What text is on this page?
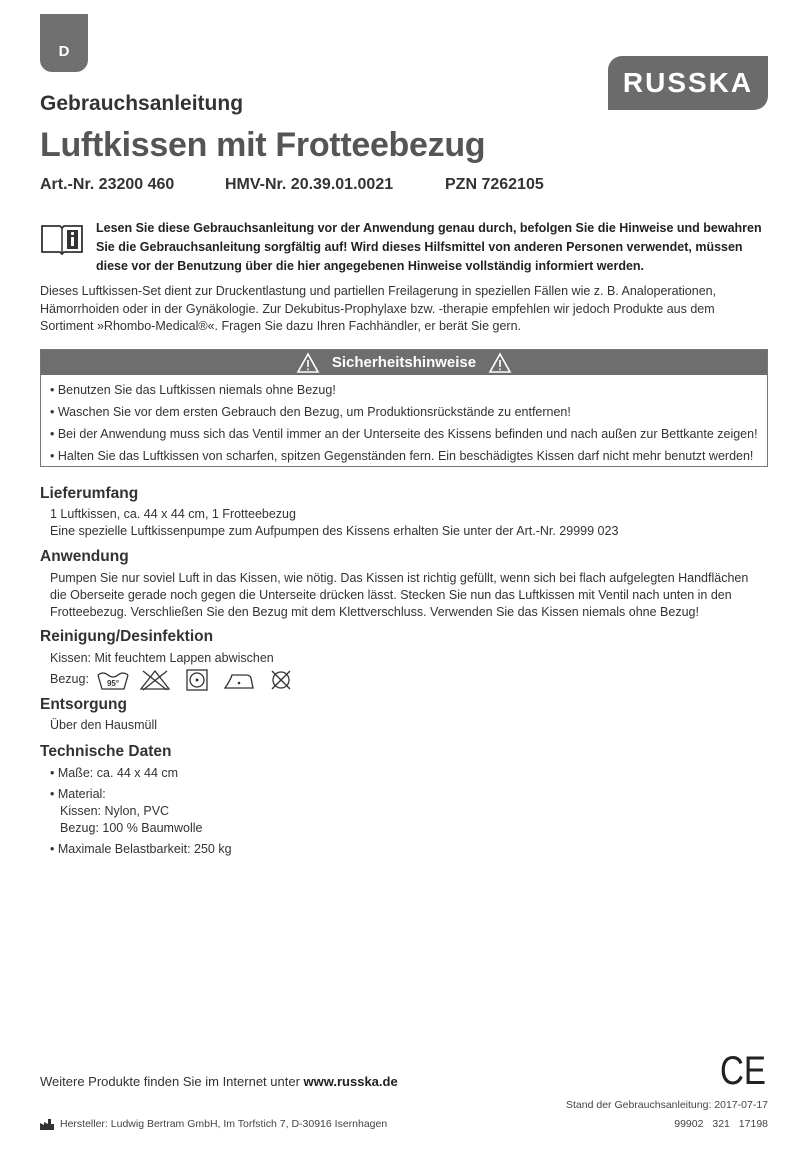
D
RUSSKA
Gebrauchsanleitung
Luftkissen mit Frotteebezug
Art.-Nr. 23200 460	HMV-Nr. 20.39.01.0021	PZN 7262105

Lesen Sie diese Gebrauchsanleitung vor der Anwendung genau durch, befolgen Sie die Hinweise und bewahren Sie die Gebrauchsanleitung sorgfältig auf! Wird dieses Hilfsmittel von anderen Personen verwendet, müssen diese vor der Benutzung über die hier angegebenen Hinweise vollständig informiert werden.

Dieses Luftkissen-Set dient zur Druckentlastung und partiellen Freilagerung in speziellen Fällen wie z. B. Analoperationen, Hämorrhoiden oder in der Gynäkologie. Zur Dekubitus-Prophylaxe bzw. -therapie empfehlen wir jedoch Produkte aus dem Sortiment »Rhombo-Medical®«. Fragen Sie dazu Ihren Fachhändler, er berät Sie gern.

Sicherheitshinweise
• Benutzen Sie das Luftkissen niemals ohne Bezug!
• Waschen Sie vor dem ersten Gebrauch den Bezug, um Produktionsrückstände zu entfernen!
• Bei der Anwendung muss sich das Ventil immer an der Unterseite des Kissens befinden und nach außen zur Bettkante zeigen!
• Halten Sie das Luftkissen von scharfen, spitzen Gegenständen fern. Ein beschädigtes Kissen darf nicht mehr benutzt werden!
Lieferumfang
1 Luftkissen, ca. 44 x 44 cm, 1 Frotteebezug
Eine spezielle Luftkissenpumpe zum Aufpumpen des Kissens erhalten Sie unter der Art.-Nr. 29999 023
Anwendung

Pumpen Sie nur soviel Luft in das Kissen, wie nötig. Das Kissen ist richtig gefüllt, wenn sich bei flach aufgelegten Handflächen die Oberseite gerade noch gegen die Unterseite drücken lässt. Stecken Sie nun das Luftkissen mit Ventil nach unten in den Frotteebezug. Verschließen Sie den Bezug mit dem Klettverschluss. Verwenden Sie das Kissen niemals ohne Bezug!

Reinigung/Desinfektion
Kissen: Mit feuchtem Lappen abwischen
Bezug:	95°
Entsorgung
Über den Hausmüll
Technische Daten
• Maße: ca. 44 x 44 cm
• Material:
Kissen: Nylon, PVC
Bezug: 100 % Baumwolle
• Maximale Belastbarkeit: 250 kg
Weitere Produkte finden Sie im Internet unter www.russka.de	CE
Stand der Gebrauchsanleitung: 2017-07-17
Hersteller: Ludwig Bertram GmbH, Im Torfstich 7, D-30916 Isernhagen	99902 321 17198
